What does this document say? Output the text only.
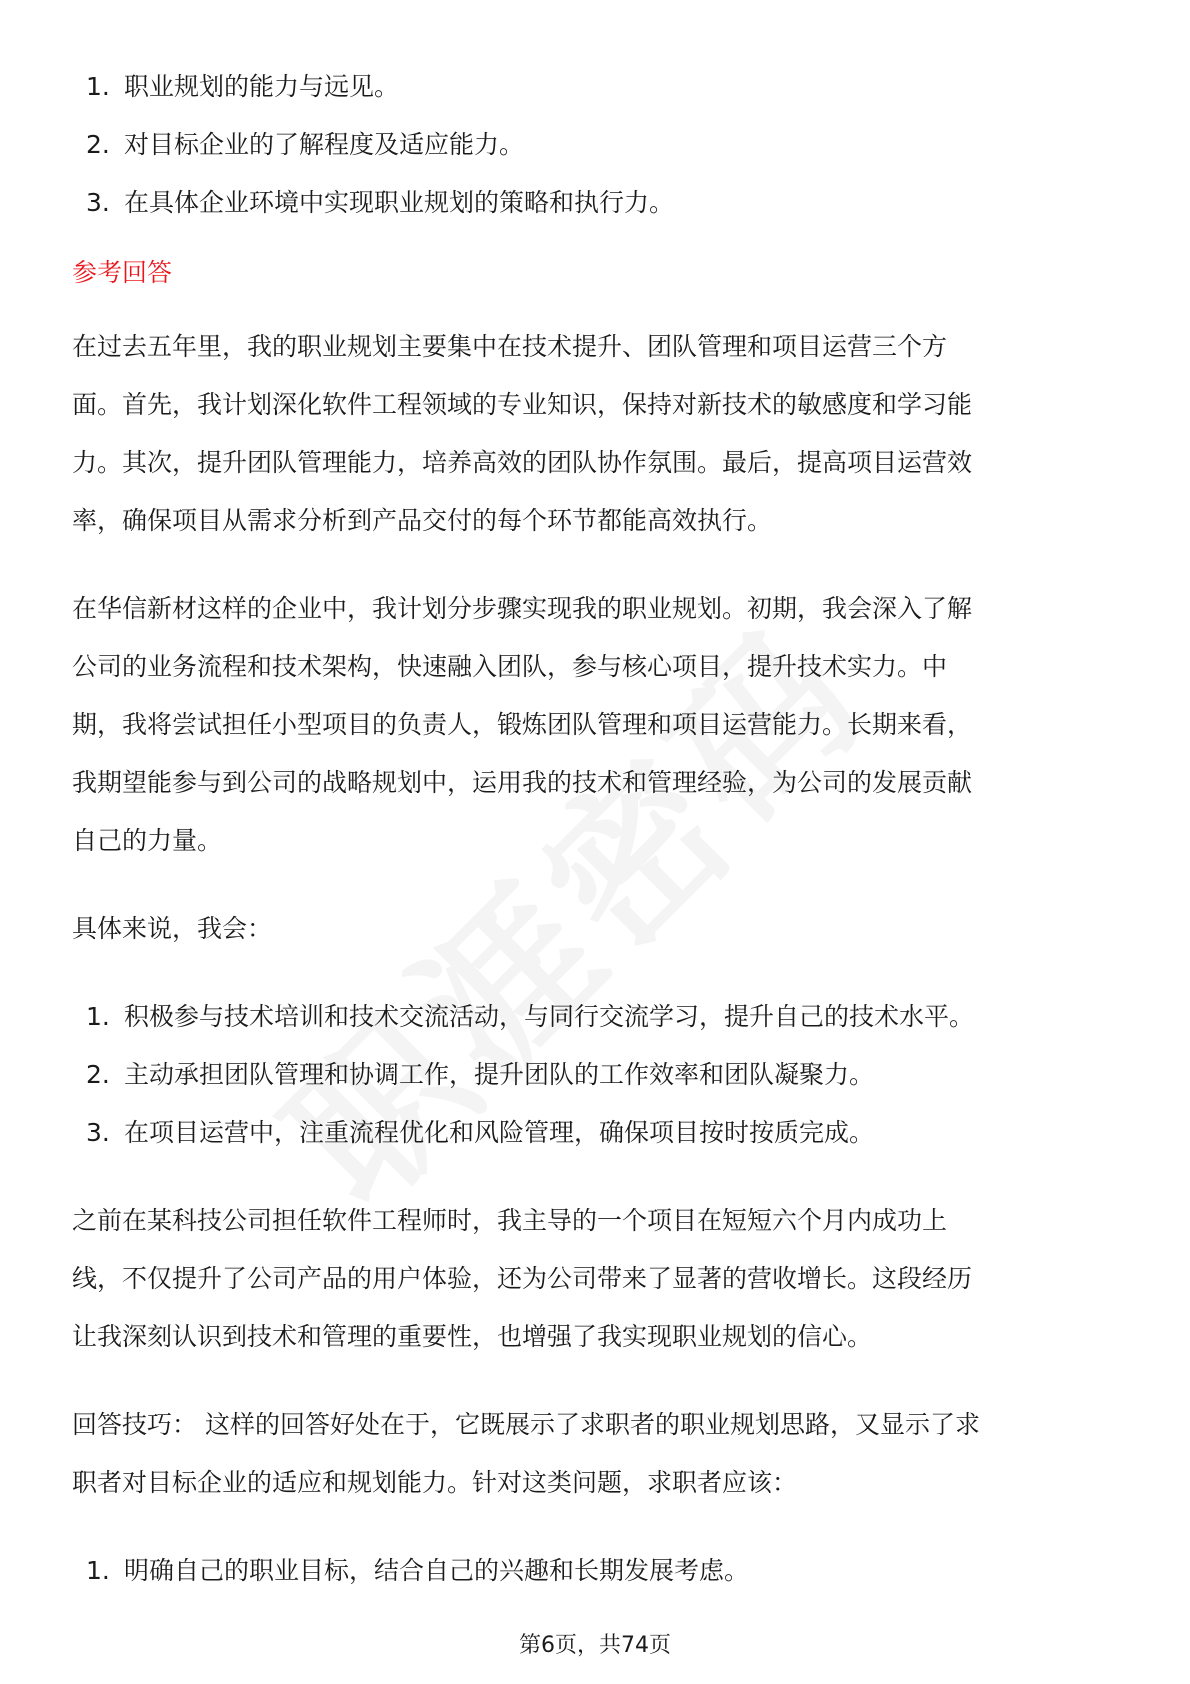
1. 职业规划的能力与远见。
2. 对目标企业的了解程度及适应能力。
3. 在具体企业环境中实现职业规划的策略和执行力。
参考回答

在过去五年里，我的职业规划主要集中在技术提升、团队管理和项目运营三个方

面。首先，我计划深化软件工程领域的专业知识，保持对新技术的敏感度和学习能

力。其次，提升团队管理能力，培养高效的团队协作氛围。最后，提高项目运营效

率，确保项目从需求分析到产品交付的每个环节都能高效执行。

在华信新材这样的企业中，我计划分步骤实现我的职业规划。初期，我会深入了解

公司的业务流程和技术架构，快速融入团队，参与核心项目，提升技术实力。中

期，我将尝试担任小型项目的负责人，锻炼团队管理和项目运营能力。长期来看，

我期望能参与到公司的战略规划中，运用我的技术和管理经验，为公司的发展贡献

自己的力量。

具体来说，我会：

1. 积极参与技术培训和技术交流活动，与同行交流学习，提升自己的技术水平。
2. 主动承担团队管理和协调工作，提升团队的工作效率和团队凝聚力。
3. 在项目运营中，注重流程优化和风险管理，确保项目按时按质完成。

之前在某科技公司担任软件工程师时，我主导的一个项目在短短六个月内成功上

线，不仅提升了公司产品的用户体验，还为公司带来了显著的营收增长。这段经历

让我深刻认识到技术和管理的重要性，也增强了我实现职业规划的信心。

回答技巧： 这样的回答好处在于，它既展示了求职者的职业规划思路，又显示了求

职者对目标企业的适应和规划能力。针对这类问题，求职者应该：

1. 明确自己的职业目标，结合自己的兴趣和长期发展考虑。
第6页，共74页
